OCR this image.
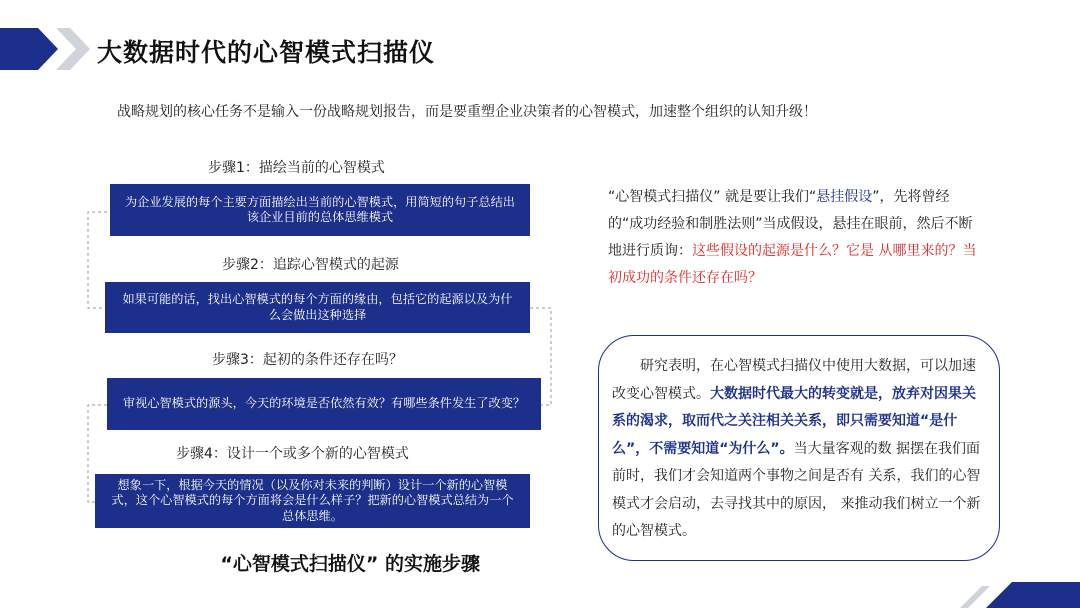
大数据时代的心智模式扫描仪
战略规划的核心任务不是输入一份战略规划报告，而是要重塑企业决策者的心智模式，加速整个组织的认知升级！
步骤1：描绘当前的心智模式
为企业发展的每个主要方面描绘出当前的心智模式，用简短的句子总结出该企业目前的总体思维模式
步骤2：追踪心智模式的起源
如果可能的话，找出心智模式的每个方面的缘由，包括它的起源以及为什么会做出这种选择
步骤3：起初的条件还存在吗？
审视心智模式的源头，今天的环境是否依然有效？有哪些条件发生了改变？
步骤4：设计一个或多个新的心智模式
想象一下，根据今天的情况（以及你对未来的判断）设计一个新的心智模式，这个心智模式的每个方面将会是什么样子？把新的心智模式总结为一个总体思维。
“心智模式扫描仪” 的实施步骤
“心智模式扫描仪” 就是要让我们“悬挂假设”，先将曾经的“成功经验和制胜法则”当成假设，悬挂在眼前，然后不断地进行质询：这些假设的起源是什么？它是 从哪里来的？当初成功的条件还存在吗？
研究表明，在心智模式扫描仪中使用大数据，可以加速改变心智模式。大数据时代最大的转变就是，放弃对因果关系的渴求，取而代之关注相关关系，即只需要知道“是什么”，不需要知道“为什么”。当大量客观的数 据摆在我们面前时，我们才会知道两个事物之间是否有 关系，我们的心智模式才会启动，去寻找其中的原因， 来推动我们树立一个新的心智模式。
